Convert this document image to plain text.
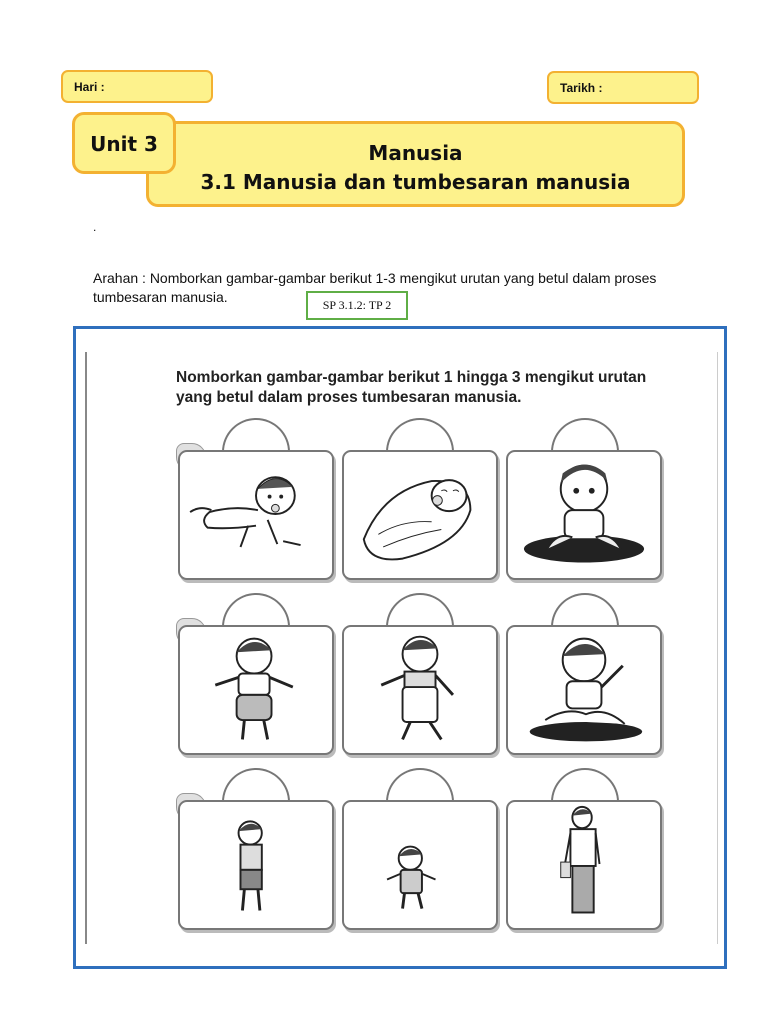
Hari :	Tarikh :
Manusia
3.1 Manusia dan tumbesaran manusia
Unit 3
.
Arahan : Nomborkan gambar-gambar berikut 1-3 mengikut urutan yang betul dalam proses tumbesaran manusia.	SP 3.1.2: TP 2
Nomborkan gambar-gambar berikut 1 hingga 3 mengikut urutan yang betul dalam proses tumbesaran manusia.
